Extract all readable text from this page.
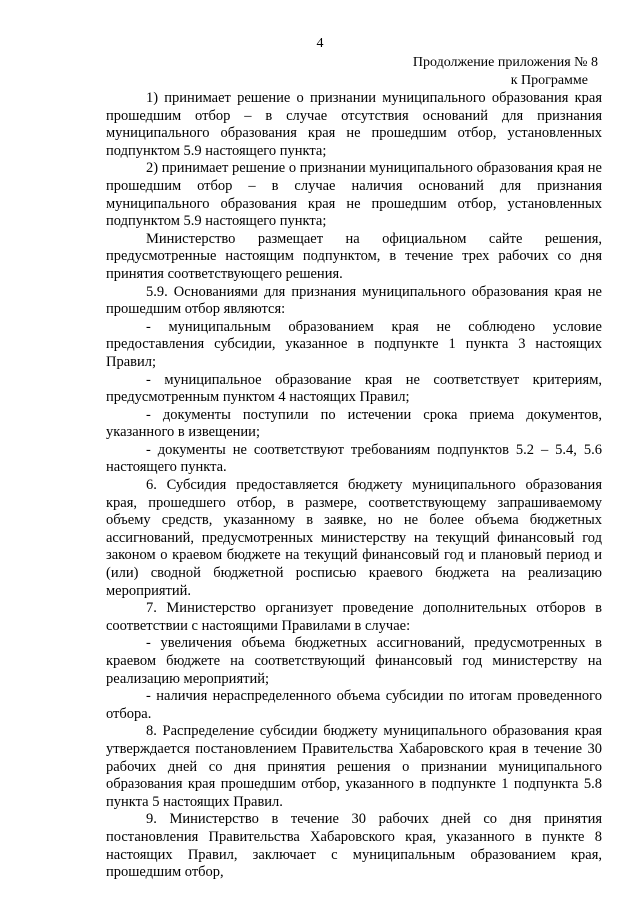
4
Продолжение приложения № 8
к Программе

1) принимает решение о признании муниципального образования края прошедшим отбор – в случае отсутствия оснований для признания муниципального образования края не прошедшим отбор, установленных подпунктом 5.9 настоящего пункта;

2) принимает решение о признании муниципального образования края не прошедшим отбор – в случае наличия оснований для признания муниципального образования края не прошедшим отбор, установленных подпунктом 5.9 настоящего пункта;

Министерство размещает на официальном сайте решения, предусмотренные настоящим подпунктом, в течение трех рабочих со дня принятия соответствующего решения.

5.9. Основаниями для признания муниципального образования края не прошедшим отбор являются:

- муниципальным образованием края не соблюдено условие предоставления субсидии, указанное в подпункте 1 пункта 3 настоящих Правил;

- муниципальное образование края не соответствует критериям, предусмотренным пунктом 4 настоящих Правил;

- документы поступили по истечении срока приема документов, указанного в извещении;

- документы не соответствуют требованиям подпунктов 5.2 – 5.4, 5.6 настоящего пункта.

6. Субсидия предоставляется бюджету муниципального образования края, прошедшего отбор, в размере, соответствующему запрашиваемому объему средств, указанному в заявке, но не более объема бюджетных ассигнований, предусмотренных министерству на текущий финансовый год законом о краевом бюджете на текущий финансовый год и плановый период и (или) сводной бюджетной росписью краевого бюджета на реализацию мероприятий.

7. Министерство организует проведение дополнительных отборов в соответствии с настоящими Правилами в случае:

- увеличения объема бюджетных ассигнований, предусмотренных в краевом бюджете на соответствующий финансовый год министерству на реализацию мероприятий;

- наличия нераспределенного объема субсидии по итогам проведенного отбора.

8. Распределение субсидии бюджету муниципального образования края утверждается постановлением Правительства Хабаровского края в течение 30 рабочих дней со дня принятия решения о признании муниципального образования края прошедшим отбор, указанного в подпункте 1 подпункта 5.8 пункта 5 настоящих Правил.

9. Министерство в течение 30 рабочих дней со дня принятия постановления Правительства Хабаровского края, указанного в пункте 8 настоящих Правил, заключает с муниципальным образованием края, прошедшим отбор,
